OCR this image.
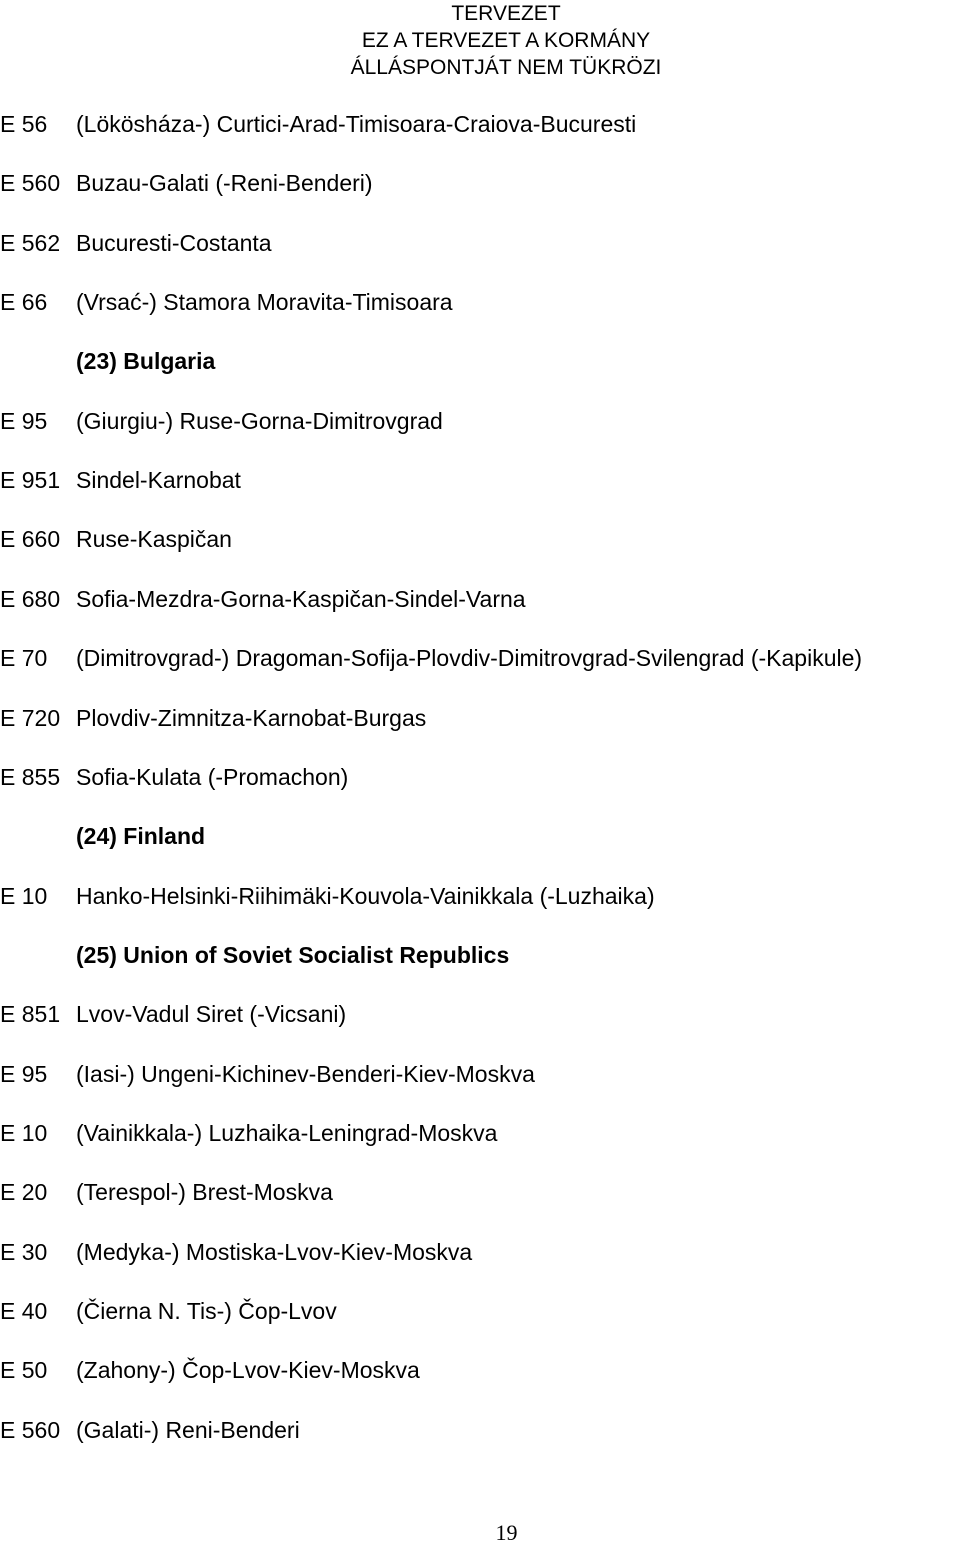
TERVEZET
EZ A TERVEZET A KORMÁNY
ÁLLÁSPONTJÁT NEM TÜKRÖZI
E 56 (Lökösháza-) Curtici-Arad-Timisoara-Craiova-Bucuresti
E 560 Buzau-Galati (-Reni-Benderi)
E 562 Bucuresti-Costanta
E 66 (Vrsać-) Stamora Moravita-Timisoara
(23) Bulgaria
E 95 (Giurgiu-) Ruse-Gorna-Dimitrovgrad
E 951 Sindel-Karnobat
E 660 Ruse-Kaspičan
E 680 Sofia-Mezdra-Gorna-Kaspičan-Sindel-Varna
E 70 (Dimitrovgrad-) Dragoman-Sofija-Plovdiv-Dimitrovgrad-Svilengrad (-Kapikule)
E 720 Plovdiv-Zimnitza-Karnobat-Burgas
E 855 Sofia-Kulata (-Promachon)
(24) Finland
E 10 Hanko-Helsinki-Riihimäki-Kouvola-Vainikkala (-Luzhaika)
(25) Union of Soviet Socialist Republics
E 851 Lvov-Vadul Siret (-Vicsani)
E 95 (Iasi-) Ungeni-Kichinev-Benderi-Kiev-Moskva
E 10 (Vainikkala-) Luzhaika-Leningrad-Moskva
E 20 (Terespol-) Brest-Moskva
E 30 (Medyka-) Mostiska-Lvov-Kiev-Moskva
E 40 (Čierna N. Tis-) Čop-Lvov
E 50 (Zahony-) Čop-Lvov-Kiev-Moskva
E 560 (Galati-) Reni-Benderi
19
